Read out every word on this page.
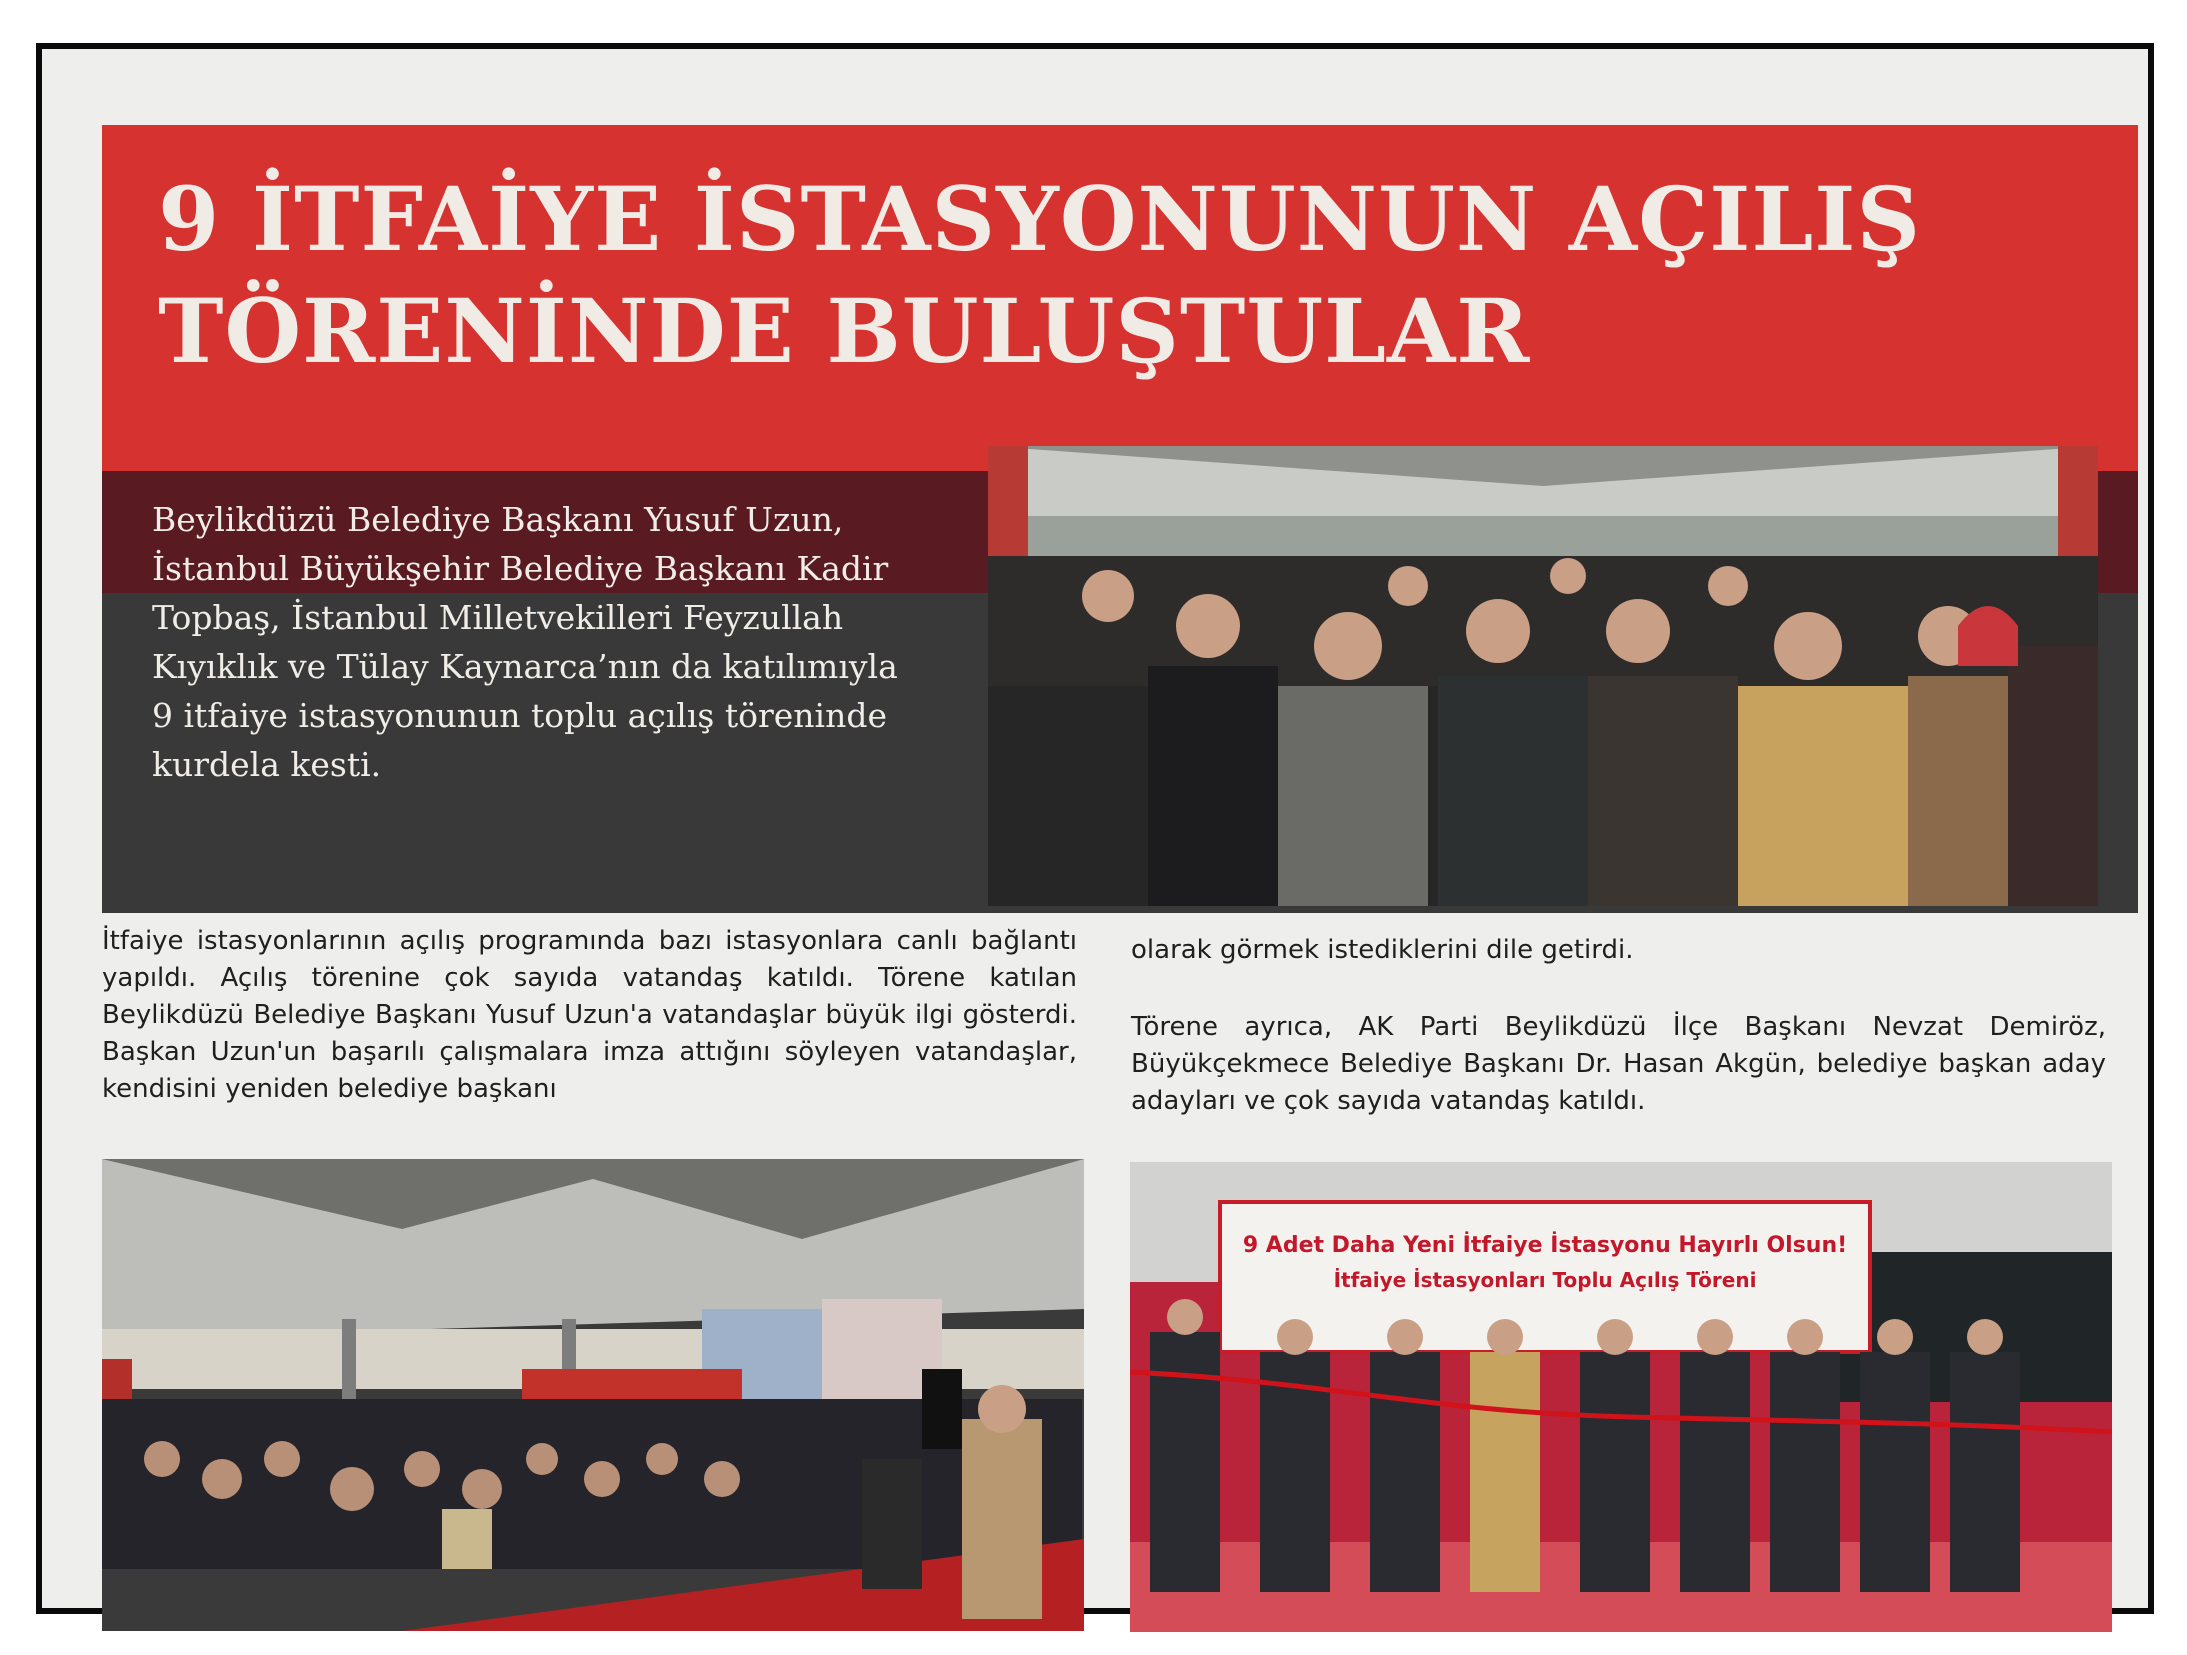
9 İTFAİYE İSTASYONUNUN AÇILIŞ
TÖRENİNDE BULUŞTULAR

Beylikdüzü Belediye Başkanı Yusuf Uzun, İstanbul Büyükşehir Belediye Başkanı Kadir Topbaş, İstanbul Milletvekilleri Feyzullah Kıyıklık ve Tülay Kaynarca’nın da katılımıyla 9 itfaiye istasyonunun toplu açılış töreninde kurdela kesti.

İtfaiye istasyonlarının açılış programında bazı istasyonlara canlı bağlantı yapıldı. Açılış törenine çok sayıda vatandaş katıldı. Törene katılan Beylikdüzü Belediye Başkanı Yusuf Uzun'a vatandaşlar büyük ilgi gösterdi. Başkan Uzun'un başarılı çalışmalara imza attığını söyleyen vatandaşlar, kendisini yeniden belediye başkanı

olarak görmek istediklerini dile getirdi.
Törene ayrıca, AK Parti Beylikdüzü İlçe Başkanı Nevzat Demiröz, Büyükçekmece Belediye Başkanı Dr. Hasan Akgün, belediye başkan aday adayları ve çok sayıda vatandaş katıldı.
9 Adet Daha Yeni İtfaiye İstasyonu Hayırlı Olsun!
İtfaiye İstasyonları Toplu Açılış Töreni
